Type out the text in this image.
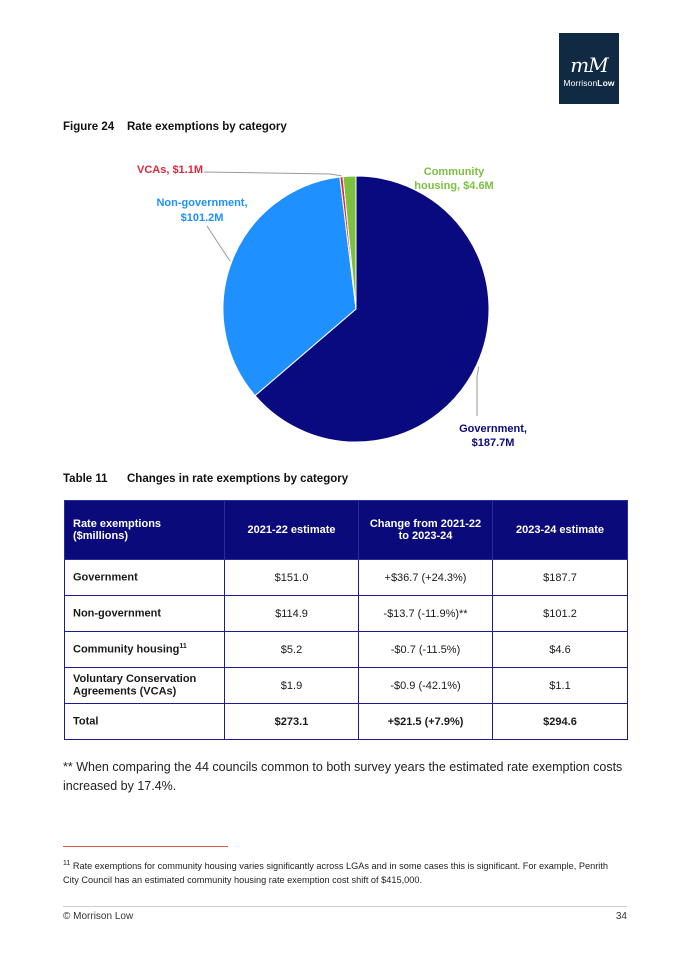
mM
MorrisonLow
Figure 24 Rate exemptions by category
Government, $187.7M
Non-government, $101.2M
VCAs, $1.1M	Community housing, $4.6M
Table 11 Changes in rate exemptions by category
Rate exemptions ($millions)	2021-22 estimate	Change from 2021-22 to 2023-24	2023-24 estimate
Government	$151.0	+$36.7 (+24.3%)	$187.7
Non-government	$114.9	-$13.7 (-11.9%)**	$101.2
Community housing$^{11}$	$5.2	-$0.7 (-11.5%)	$4.6
Voluntary Conservation Agreements (VCAs)	$1.9	-$0.9 (-42.1%)	$1.1
Total	$273.1	+$21.5 (+7.9%)	$294.6
** When comparing the 44 councils common to both survey years the estimated rate exemption costs increased by 17.4%.
$^{11}$ Rate exemptions for community housing varies significantly across LGAs and in some cases this is significant. For example, Penrith City Council has an estimated community housing rate exemption cost shift of $415,000.
© Morrison Low	34
